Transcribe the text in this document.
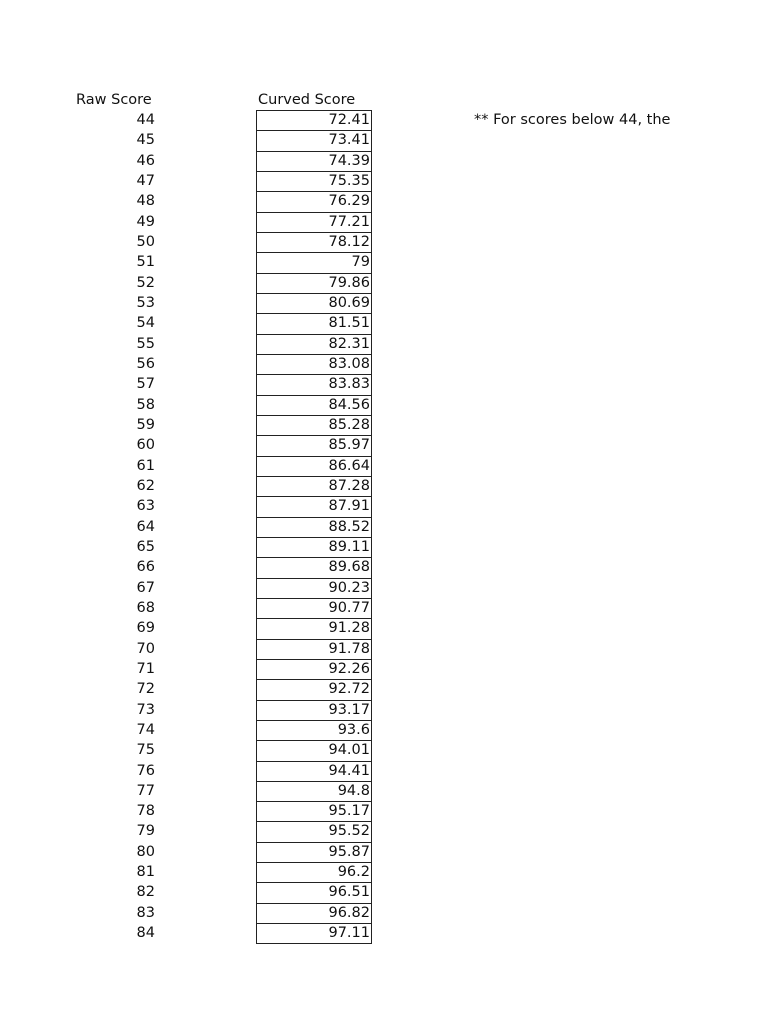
Raw Score	Curved Score
44
45
46
47
48
49
50
51
52
53
54
55
56
57
58
59
60
61
62
63
64
65
66
67
68
69
70
71
72
73
74
75
76
77
78
79
80
81
82
83
84
72.41
73.41
74.39
75.35
76.29
77.21
78.12
79
79.86
80.69
81.51
82.31
83.08
83.83
84.56
85.28
85.97
86.64
87.28
87.91
88.52
89.11
89.68
90.23
90.77
91.28
91.78
92.26
92.72
93.17
93.6
94.01
94.41
94.8
95.17
95.52
95.87
96.2
96.51
96.82
97.11
** For scores below 44, the
